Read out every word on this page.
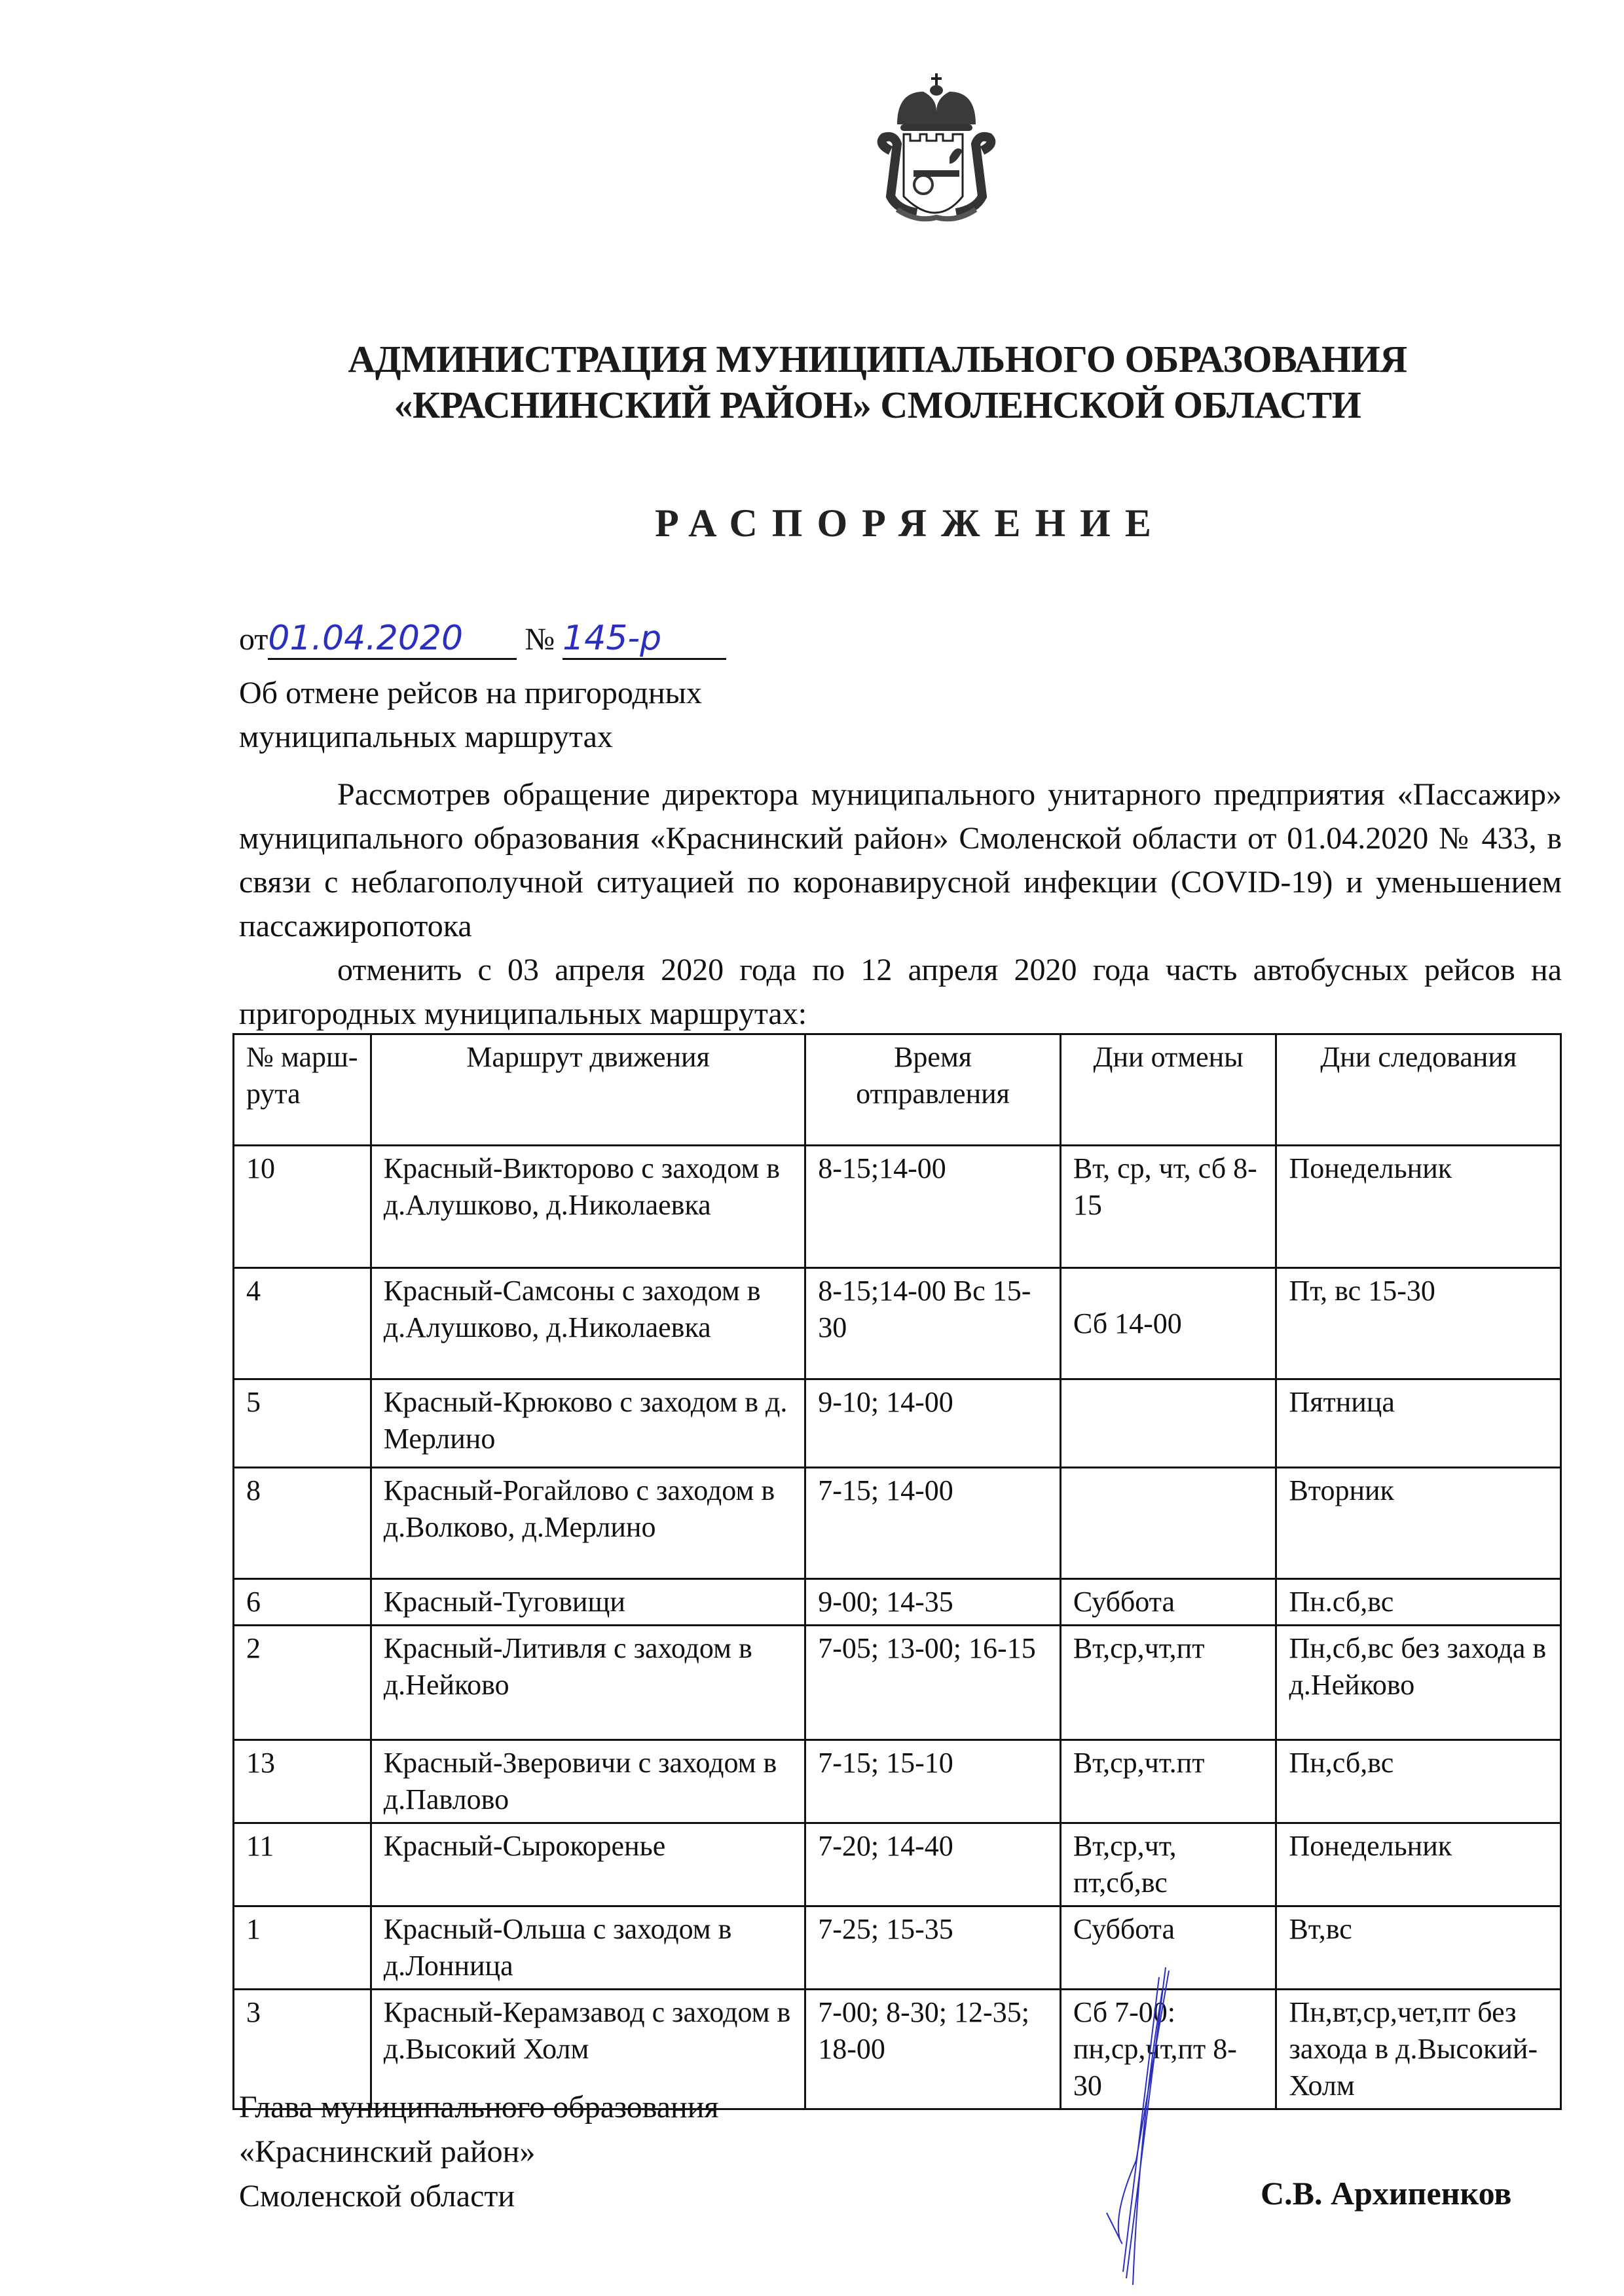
АДМИНИСТРАЦИЯ МУНИЦИПАЛЬНОГО ОБРАЗОВАНИЯ
«КРАСНИНСКИЙ РАЙОН» СМОЛЕНСКОЙ ОБЛАСТИ
РАСПОРЯЖЕНИЕ
от01.04.2020 № 145-р
Об отмене рейсов на пригородных
муниципальных маршрутах

Рассмотрев обращение директора муниципального унитарного предприятия «Пассажир» муниципального образования «Краснинский район» Смоленской области от 01.04.2020 № 433, в связи с неблагополучной ситуацией по коронавирусной инфекции (COVID-19) и уменьшением пассажиропотока

отменить с 03 апреля 2020 года по 12 апреля 2020 года часть автобусных рейсов на пригородных муниципальных маршрутах:

№ марш-рута	Маршрут движения	Время отправления	Дни отмены	Дни следования
10	Красный-Викторово с заходом в д.Алушково, д.Николаевка	8-15;14-00	Вт, ср, чт, сб 8-15	Понедельник
4	Красный-Самсоны с заходом в д.Алушково, д.Николаевка	8-15;14-00 Вс 15-30	Сб 14-00	Пт, вс 15-30
5	Красный-Крюково с заходом в д. Мерлино	9-10; 14-00		Пятница
8	Красный-Рогайлово с заходом в д.Волково, д.Мерлино	7-15; 14-00		Вторник
6	Красный-Туговищи	9-00; 14-35	Суббота	Пн.сб,вс
2	Красный-Литивля с заходом в д.Нейково	7-05; 13-00; 16-15	Вт,ср,чт,пт	Пн,сб,вс без захода в д.Нейково
13	Красный-Зверовичи с заходом в д.Павлово	7-15; 15-10	Вт,ср,чт.пт	Пн,сб,вс
11	Красный-Сырокоренье	7-20; 14-40	Вт,ср,чт, пт,сб,вс	Понедельник
1	Красный-Ольша с заходом в д.Лонница	7-25; 15-35	Суббота	Вт,вс
3	Красный-Керамзавод с заходом в д.Высокий Холм	7-00; 8-30; 12-35; 18-00	Сб 7-00: пн,ср,чт,пт 8-30	Пн,вт,ср,чет,пт без захода в д.Высокий- Холм
Глава муниципального образования
«Краснинский район»
Смоленской области	С.В. Архипенков
